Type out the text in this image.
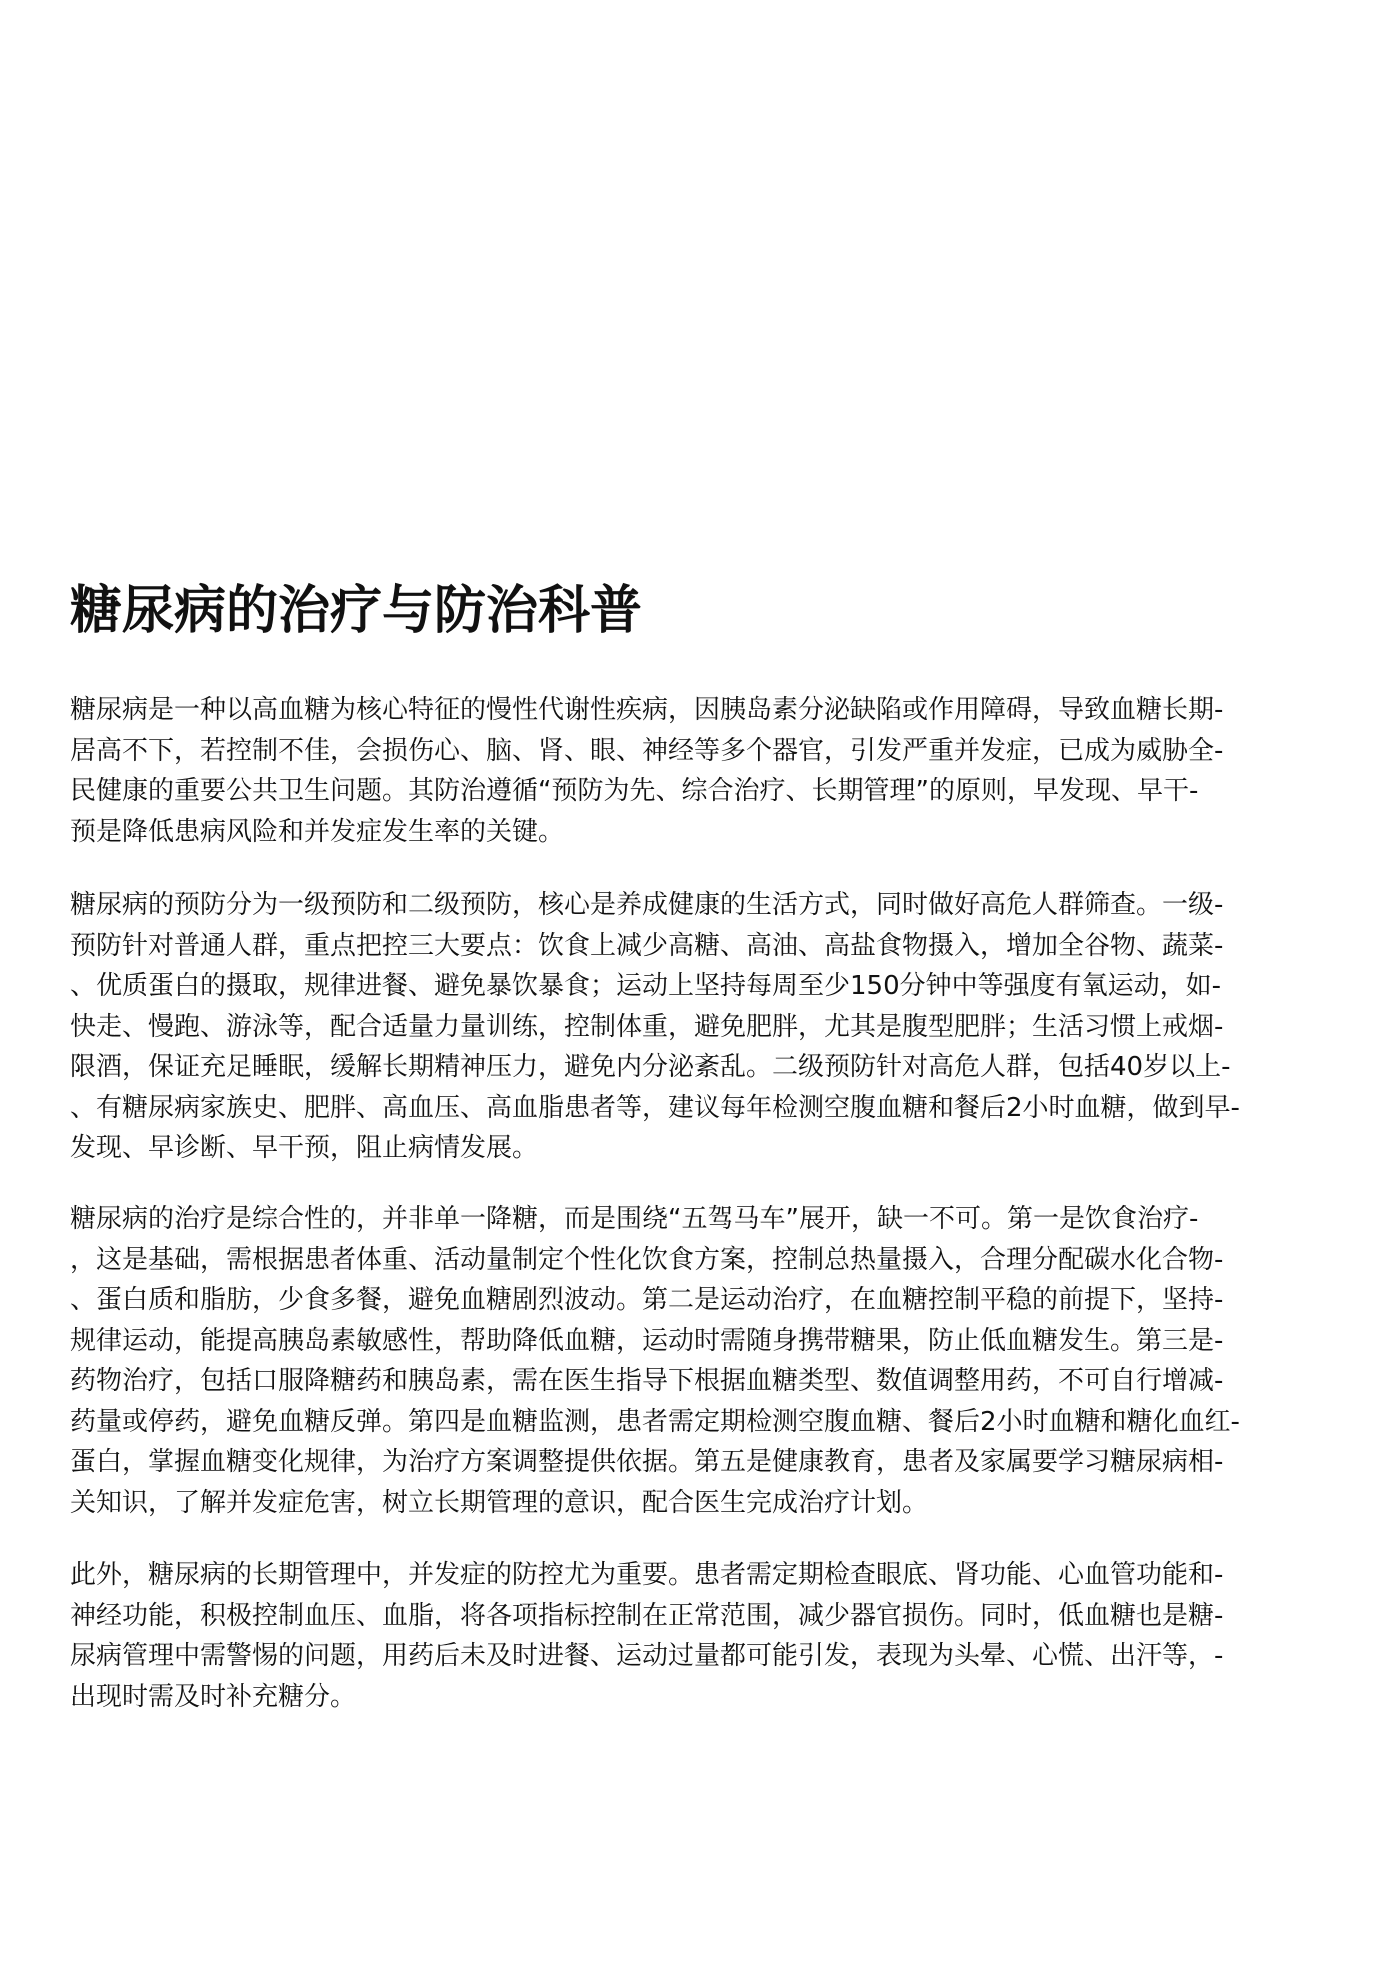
糖尿病的治疗与防治科普
糖尿病是一种以高血糖为核心特征的慢性代谢性疾病，因胰岛素分泌缺陷或作用障碍，导致血糖长期-
居高不下，若控制不佳，会损伤心、脑、肾、眼、神经等多个器官，引发严重并发症，已成为威胁全-
民健康的重要公共卫生问题。其防治遵循“预防为先、综合治疗、长期管理”的原则，早发现、早干-
预是降低患病风险和并发症发生率的关键。
糖尿病的预防分为一级预防和二级预防，核心是养成健康的生活方式，同时做好高危人群筛查。一级-
预防针对普通人群，重点把控三大要点：饮食上减少高糖、高油、高盐食物摄入，增加全谷物、蔬菜-
、优质蛋白的摄取，规律进餐、避免暴饮暴食；运动上坚持每周至少150分钟中等强度有氧运动，如-
快走、慢跑、游泳等，配合适量力量训练，控制体重，避免肥胖，尤其是腹型肥胖；生活习惯上戒烟-
限酒，保证充足睡眠，缓解长期精神压力，避免内分泌紊乱。二级预防针对高危人群，包括40岁以上-
、有糖尿病家族史、肥胖、高血压、高血脂患者等，建议每年检测空腹血糖和餐后2小时血糖，做到早-
发现、早诊断、早干预，阻止病情发展。
糖尿病的治疗是综合性的，并非单一降糖，而是围绕“五驾马车”展开，缺一不可。第一是饮食治疗-
，这是基础，需根据患者体重、活动量制定个性化饮食方案，控制总热量摄入，合理分配碳水化合物-
、蛋白质和脂肪，少食多餐，避免血糖剧烈波动。第二是运动治疗，在血糖控制平稳的前提下，坚持-
规律运动，能提高胰岛素敏感性，帮助降低血糖，运动时需随身携带糖果，防止低血糖发生。第三是-
药物治疗，包括口服降糖药和胰岛素，需在医生指导下根据血糖类型、数值调整用药，不可自行增减-
药量或停药，避免血糖反弹。第四是血糖监测，患者需定期检测空腹血糖、餐后2小时血糖和糖化血红-
蛋白，掌握血糖变化规律，为治疗方案调整提供依据。第五是健康教育，患者及家属要学习糖尿病相-
关知识，了解并发症危害，树立长期管理的意识，配合医生完成治疗计划。
此外，糖尿病的长期管理中，并发症的防控尤为重要。患者需定期检查眼底、肾功能、心血管功能和-
神经功能，积极控制血压、血脂，将各项指标控制在正常范围，减少器官损伤。同时，低血糖也是糖-
尿病管理中需警惕的问题，用药后未及时进餐、运动过量都可能引发，表现为头晕、心慌、出汗等，-
出现时需及时补充糖分。
